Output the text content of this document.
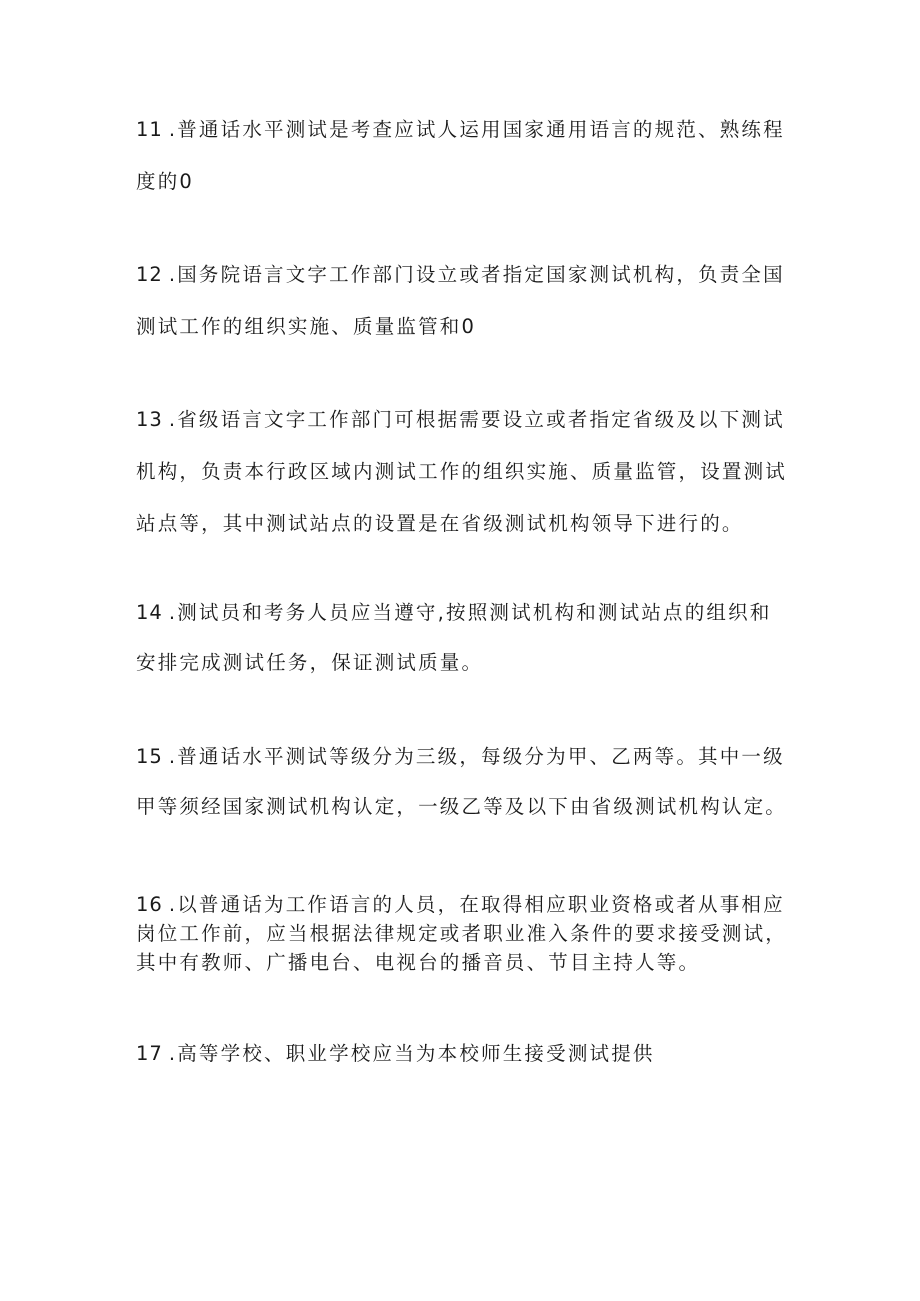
11 .普通话水平测试是考查应试人运用国家通用语言的规范、熟练程
度的0
12 .国务院语言文字工作部门设立或者指定国家测试机构，负责全国
测试工作的组织实施、质量监管和0
13 .省级语言文字工作部门可根据需要设立或者指定省级及以下测试
机构，负责本行政区域内测试工作的组织实施、质量监管，设置测试
站点等，其中测试站点的设置是在省级测试机构领导下进行的。
14 .测试员和考务人员应当遵守,按照测试机构和测试站点的组织和
安排完成测试任务，保证测试质量。
15 .普通话水平测试等级分为三级，每级分为甲、乙两等。其中一级
甲等须经国家测试机构认定，一级乙等及以下由省级测试机构认定。
16 .以普通话为工作语言的人员，在取得相应职业资格或者从事相应
岗位工作前，应当根据法律规定或者职业准入条件的要求接受测试，
其中有教师、广播电台、电视台的播音员、节目主持人等。
17 .高等学校、职业学校应当为本校师生接受测试提供
